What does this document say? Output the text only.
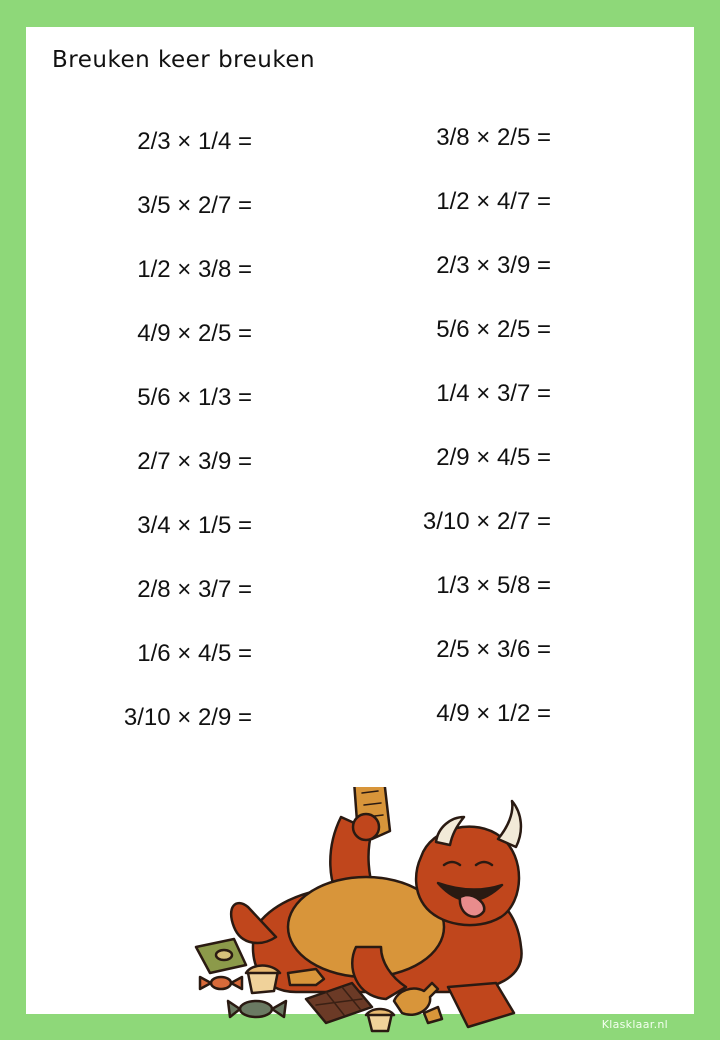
Breuken keer breuken
2/3 × 1/4 =
3/5 × 2/7 =
1/2 × 3/8 =
4/9 × 2/5 =
5/6 × 1/3 =
2/7 × 3/9 =
3/4 × 1/5 =
2/8 × 3/7 =
1/6 × 4/5 =
3/10 × 2/9 =
3/8 × 2/5 =
1/2 × 4/7 =
2/3 × 3/9 =
5/6 × 2/5 =
1/4 × 3/7 =
2/9 × 4/5 =
3/10 × 2/7 =
1/3 × 5/8 =
2/5 × 3/6 =
4/9 × 1/2 =
Klasklaar.nl
